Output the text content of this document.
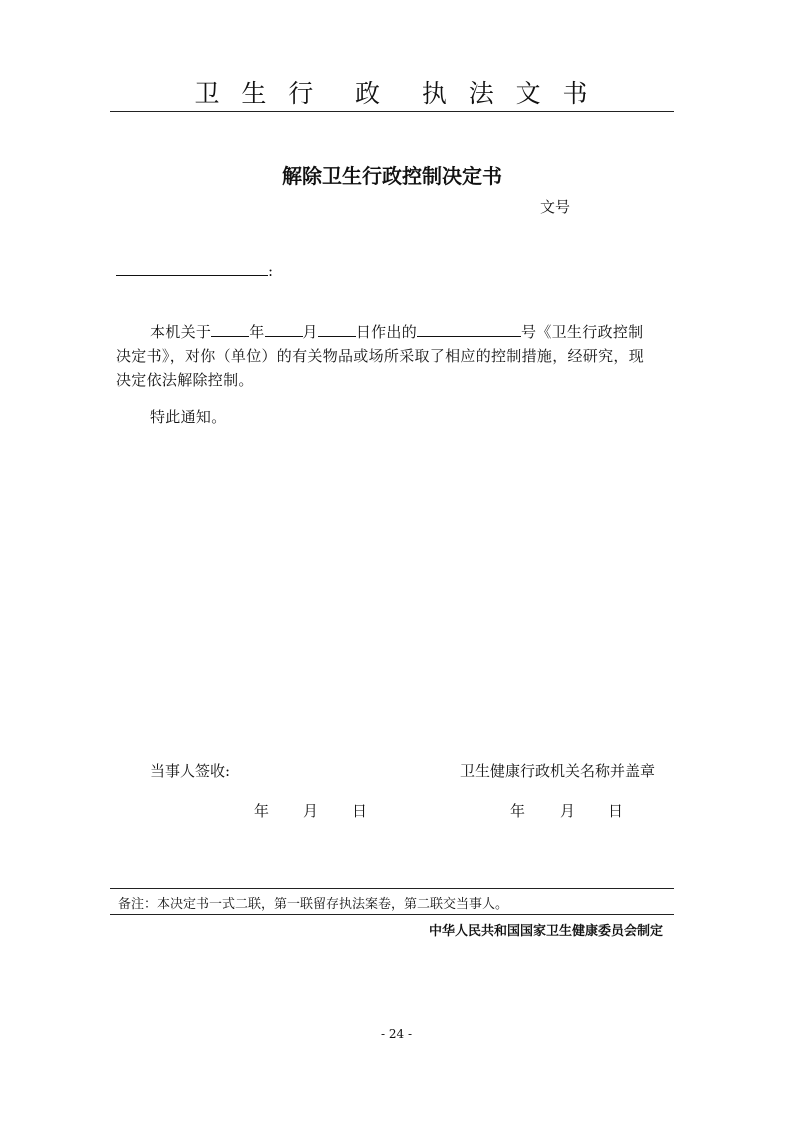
卫  生  行    政    执  法  文  书
解除卫生行政控制决定书
文号
:
本机关于	年	月	日作出的	号《卫生行政控制
决定书》，对你（单位）的有关物品或场所采取了相应的控制措施，经研究，现
决定依法解除控制。
特此通知。
当事人签收:	卫生健康行政机关名称并盖章
年 月 日	年 月 日
备注：本决定书一式二联，第一联留存执法案卷，第二联交当事人。
中华人民共和国国家卫生健康委员会制定
- 24 -
